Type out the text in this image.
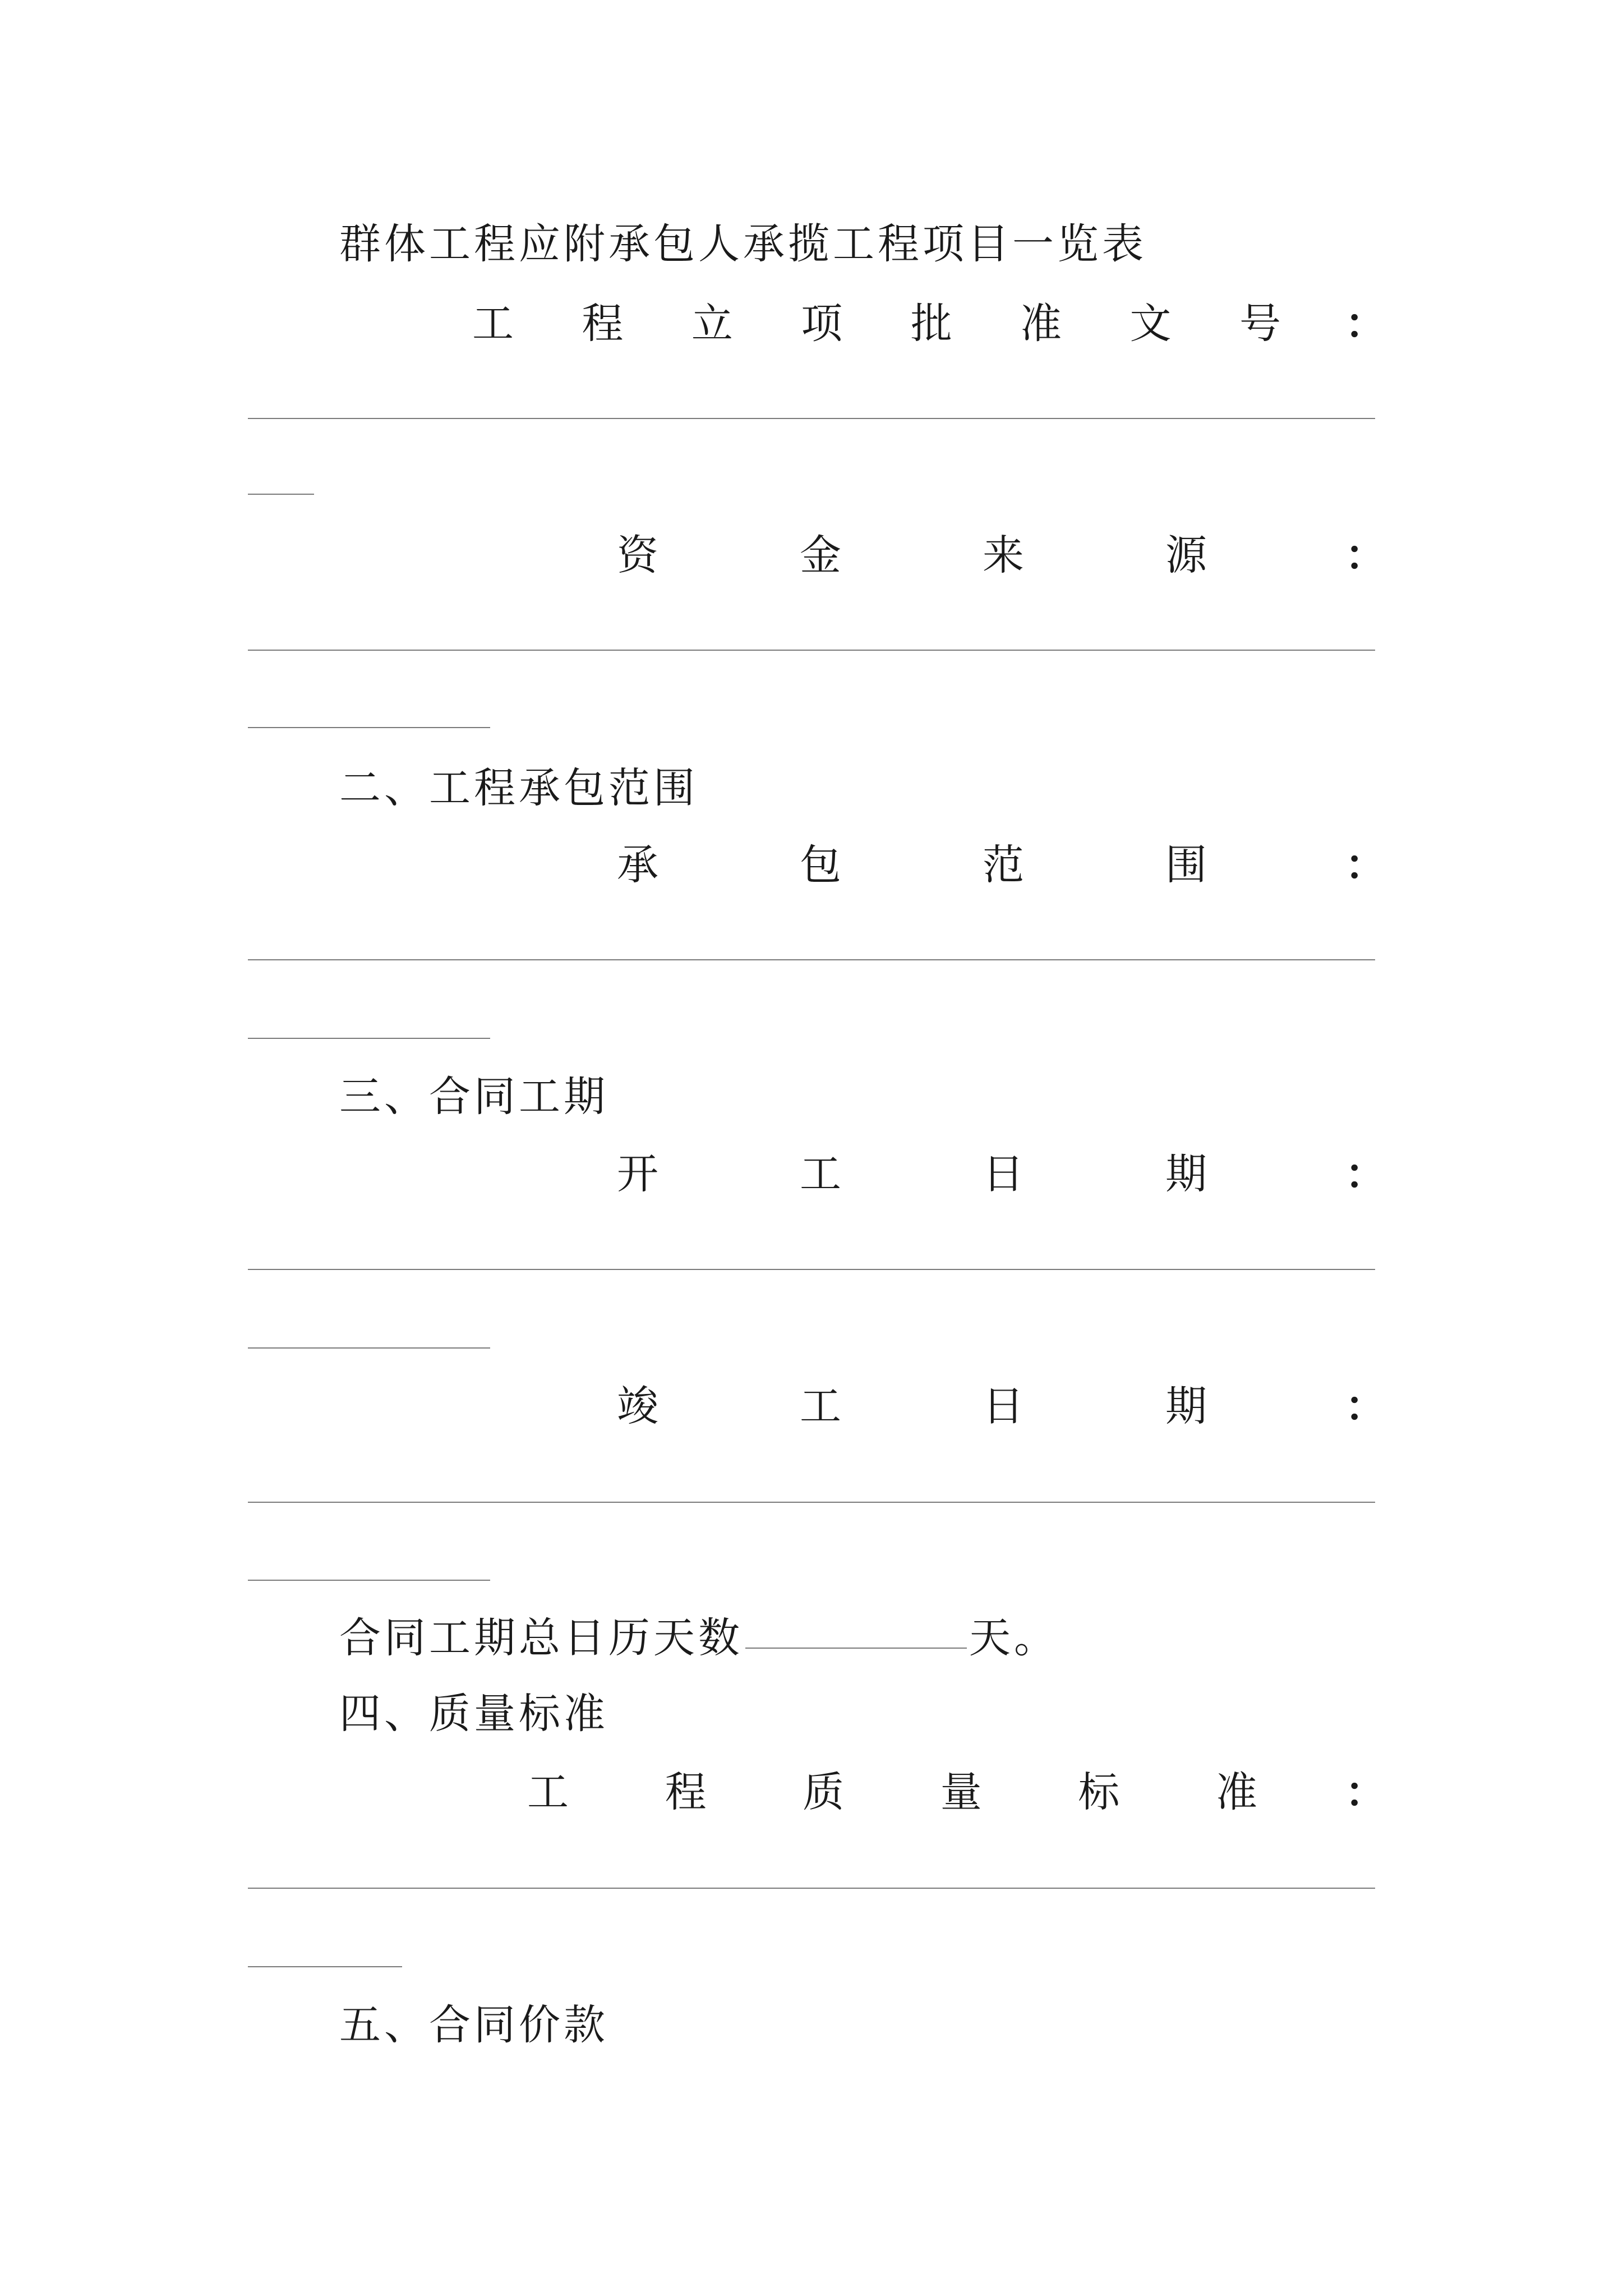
群体工程应附承包人承揽工程项目一览表
工 程 立 项 批 准 文 号 ：
资	金	来	源	：
二、工程承包范围
承	包	范	围	：
三、合同工期
开	工	日	期	：
竣	工	日	期	：
合同工期总日历天数	天。
四、质量标准
工 程 质 量 标 准 ：
五、合同价款
